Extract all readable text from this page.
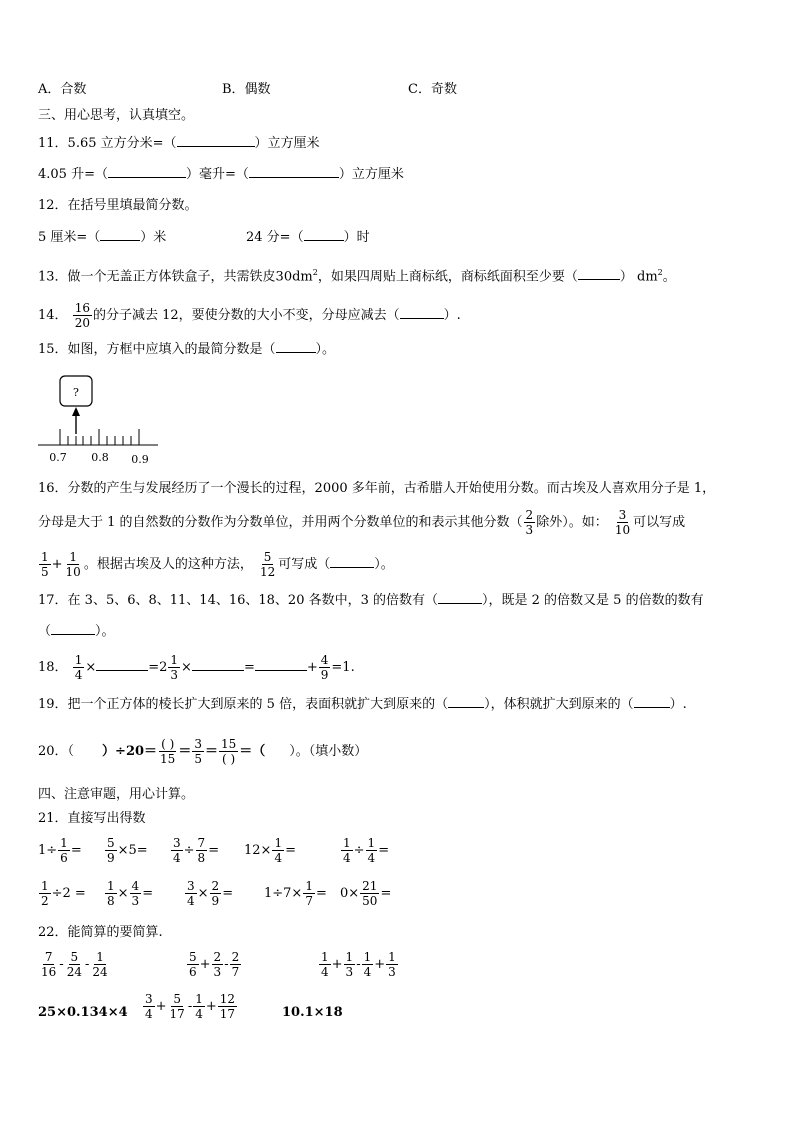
A．合数	B．偶数	C．奇数
三、用心思考，认真填空。
11．5.65 立方分米=（	）立方厘米
4.05 升=（	）毫升=（	）立方厘米
12．在括号里填最简分数。
5 厘米=（	）米	24 分=（	）时
13．做一个无盖正方体铁盒子，共需铁皮$30dm^2$，如果四周贴上商标纸，商标纸面积至少要（	） $dm^2$。
14． $\frac{16}{20}$ 的分子减去 12，要使分数的大小不变，分母应减去（	）.
15．如图，方框中应填入的最简分数是（	）。
?
0.7 0.8 0.9
16．分数的产生与发展经历了一个漫长的过程，2000 多年前，古希腊人开始使用分数。而古埃及人喜欢用分子是 1，
分母是大于 1 的自然数的分数作为分数单位，并用两个分数单位的和表示其他分数（ $\frac{2}{3}$ 除外）。如： $\frac{3}{10}$ 可以写成
$\frac{1}{5} + \frac{1}{10}$ 。根据古埃及人的这种方法， $\frac{5}{12}$ 可写成（	）。
17．在 3、5、6、8、11、14、16、18、20 各数中，3 的倍数有（	），既是 2 的倍数又是 5 的倍数的数有
（	）。
18． $\frac{1}{4}$ ×	$=2 \frac{1}{3}$ ×	=	+ $\frac{4}{9} =1$.
19．把一个正方体的棱长扩大到原来的 5 倍，表面积就扩大到原来的（	），体积就扩大到原来的（	）.
20．（ ）÷20＝ ( )
$15 = \frac{3}{5} = 15$
( ) ＝（ ）。（填小数）
四、注意审题，用心计算。
21．直接写出得数
$1\div \frac{1}{6} = \frac{5}{9} \times 5= \frac{3}{4} \div \frac{7}{8} = 12\times \frac{1}{4}$ =	$\frac{1}{4} \div \frac{1}{4}$ =
$\frac{1}{2} \div 2 = \frac{1}{8} \times \frac{4}{3}$ =	$\frac{3}{4} \times \frac{2}{9} = 1\div 7\times \frac{1}{7} = 0\times \frac{21}{50}$ =
22．能简算的要简算.
$\frac{7}{16} - \frac{5}{24} - \frac{1}{24}$	$\frac{5}{6} + \frac{2}{3} - \frac{2}{7}$	$\frac{1}{4} + \frac{1}{3} - \frac{1}{4} + \frac{1}{3}$
$25\times 0.134\times 4 \frac{3}{4} + \frac{5}{17} - \frac{1}{4} + \frac{12}{17}$	10.1×18
